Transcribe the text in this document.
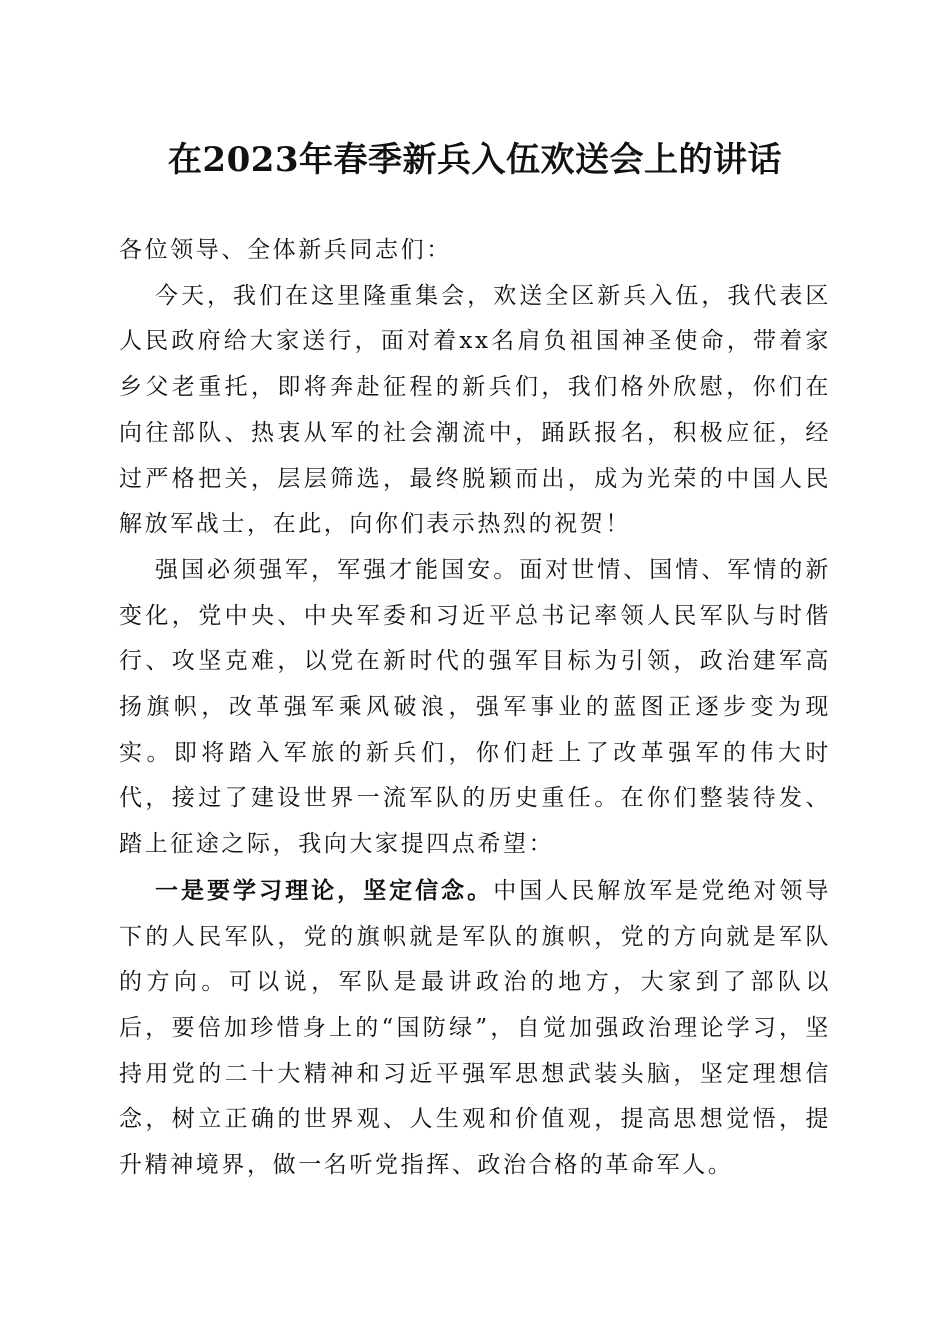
在2023年春季新兵入伍欢送会上的讲话

各位领导、全体新兵同志们：

今天，我们在这里隆重集会，欢送全区新兵入伍，我代表区人民政府给大家送行，面对着xx名肩负祖国神圣使命，带着家乡父老重托，即将奔赴征程的新兵们，我们格外欣慰，你们在向往部队、热衷从军的社会潮流中，踊跃报名，积极应征，经过严格把关，层层筛选，最终脱颖而出，成为光荣的中国人民解放军战士，在此，向你们表示热烈的祝贺！

强国必须强军，军强才能国安。面对世情、国情、军情的新变化，党中央、中央军委和习近平总书记率领人民军队与时偕行、攻坚克难，以党在新时代的强军目标为引领，政治建军高扬旗帜，改革强军乘风破浪，强军事业的蓝图正逐步变为现实。即将踏入军旅的新兵们，你们赶上了改革强军的伟大时代，接过了建设世界一流军队的历史重任。在你们整装待发、踏上征途之际，我向大家提四点希望：

一是要学习理论，坚定信念。中国人民解放军是党绝对领导下的人民军队，党的旗帜就是军队的旗帜，党的方向就是军队的方向。可以说，军队是最讲政治的地方，大家到了部队以后，要倍加珍惜身上的“国防绿”，自觉加强政治理论学习，坚持用党的二十大精神和习近平强军思想武装头脑，坚定理想信念，树立正确的世界观、人生观和价值观，提高思想觉悟，提升精神境界，做一名听党指挥、政治合格的革命军人。
